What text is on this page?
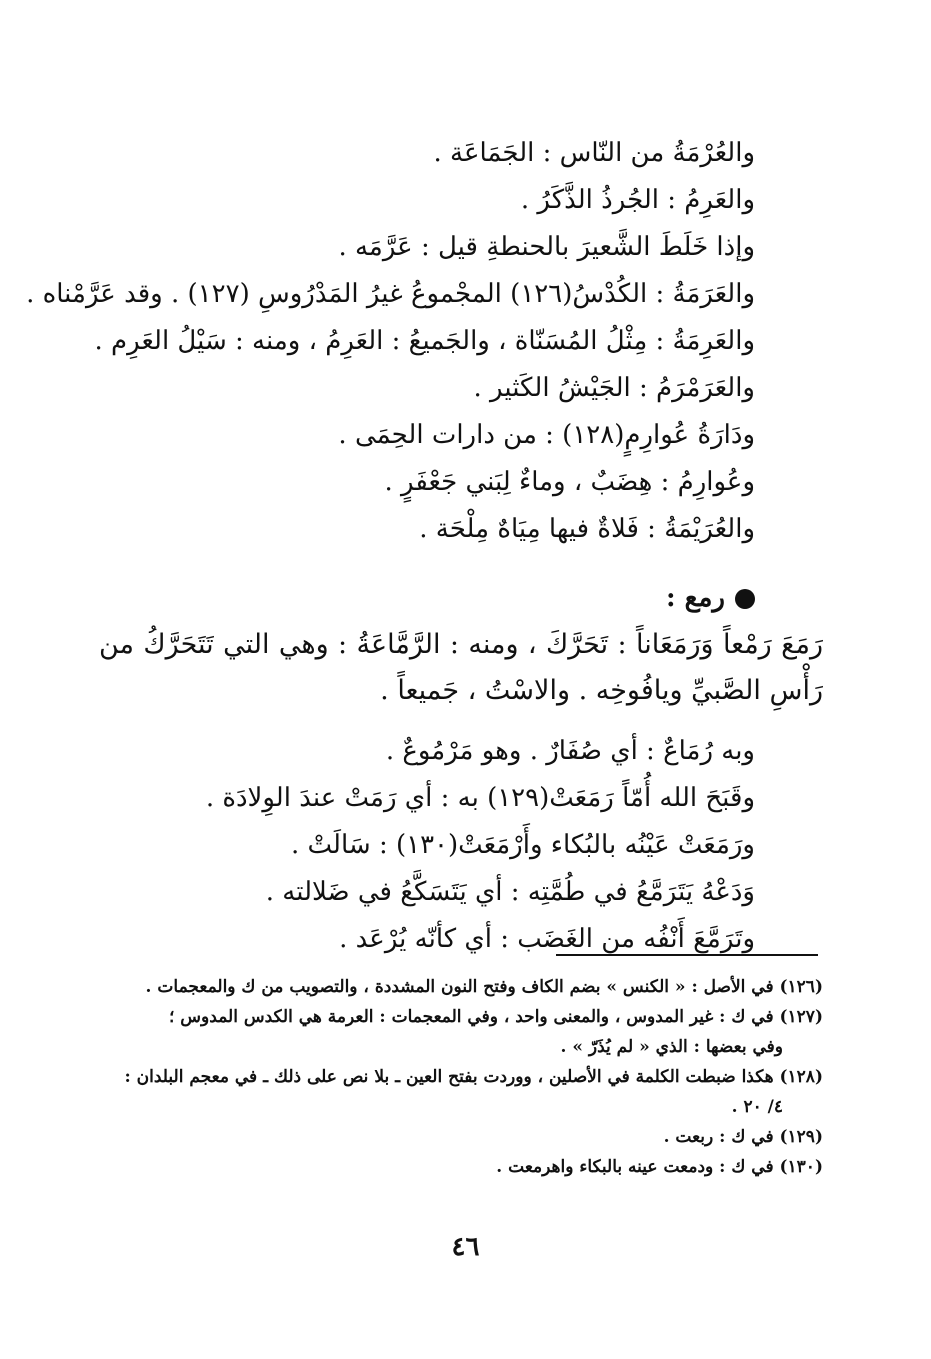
والعُرْمَةُ من النّاس : الجَمَاعَة .
والعَرِمُ : الجُرذُ الذَّكَرُ .
وإذا خَلَطَ الشَّعيرَ بالحنطةِ قيل : عَرَّمَه .
والعَرَمَةُ : الكُدْسُ(١٢٦) المجْموعُ غيرُ المَدْرُوسِ (١٢٧) . وقد عَرَّمْناه .
والعَرِمَةُ : مِثْلُ المُسَنّاة ، والجَميعُ : العَرِمُ ، ومنه : سَيْلُ العَرِم .
والعَرَمْرَمُ : الجَيْشُ الكَثير .
ودَارَةُ عُوارِمٍ(١٢٨) : من دارات الحِمَى .
وعُوارِمُ : هِضَبٌ ، وماءٌ لِبَني جَعْفَرٍ .
والعُرَيْمَةُ : فَلاةٌ فيها مِيَاهٌ مِلْحَة .
رمع :
رَمَعَ رَمْعاً وَرَمَعَاناً : تَحَرَّكَ ، ومنه : الرَّمَّاعَةُ : وهي التي تَتَحَرَّكُ من رَأْسِ الصَّبيِّ ويافُوخِه . والاسْتُ ، جَميعاً .
وبه رُمَاعٌ : أي صُفَارٌ . وهو مَرْمُوعٌ .
وقَبَحَ الله أُمّاً رَمَعَتْ(١٢٩) به : أي رَمَتْ عندَ الوِلادَة .
ورَمَعَتْ عَيْنُه بالبُكاء وأَرْمَعَتْ(١٣٠) : سَالَتْ .
وَدَعْهُ يَتَرَمَّعُ في طُمَّتِه : أي يَتَسَكَّعُ في ضَلالته .
وتَرَمَّعَ أَنْفُه من الغَضَب : أي كأنّه يُرْعَد .
(١٢٦) في الأصل : « الكنس » بضم الكاف وفتح النون المشددة ، والتصويب من ك والمعجمات .
(١٢٧) في ك : غير المدوس ، والمعنى واحد ، وفي المعجمات : العرمة هي الكدس المدوس ؛
وفي بعضها : الذي « لم يُذَرّ » .
(١٢٨) هكذا ضبطت الكلمة في الأصلين ، ووردت بفتح العين ـ بلا نص على ذلك ـ في معجم البلدان :
٤/ ٢٠ .
(١٢٩) في ك : ربعت .
(١٣٠) في ك : ودمعت عينه بالبكاء واهرمعت .
٤٦
